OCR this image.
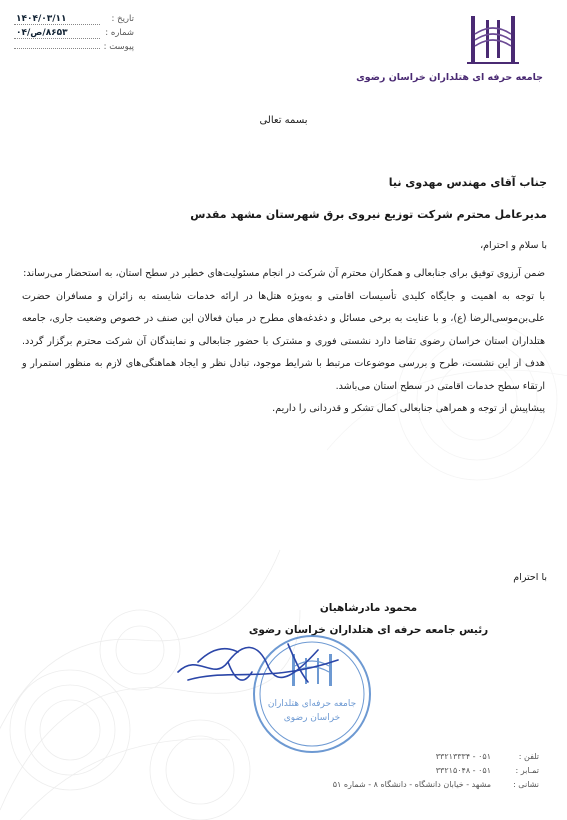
جامعه حرفه ای هتلداران خراسان رضوی
تاریخ :
۱۴۰۴/۰۳/۱۱
شماره :
۸۶۵۳/ص/۰۴
پیوست :
بسمه تعالی
جناب آقای مهندس مهدوی نیا
مدیرعامل محترم شرکت توزیع نیروی برق شهرستان مشهد مقدس
با سلام و احترام،

ضمن آرزوی توفیق برای جنابعالی و همکاران محترم آن شرکت در انجام مسئولیت‌های خطیر در سطح استان، به استحضار می‌رساند:

با توجه به اهمیت و جایگاه کلیدی تأسیسات اقامتی و به‌ویژه هتل‌ها در ارائه خدمات شایسته به زائران و مسافران حضرت علی‌بن‌موسی‌الرضا (ع)، و با عنایت به برخی مسائل و دغدغه‌های مطرح در میان فعالان این صنف در خصوص وضعیت جاری، جامعه هتلداران استان خراسان رضوی تقاضا دارد نشستی فوری و مشترک با حضور جنابعالی و نمایندگان آن شرکت محترم برگزار گردد. هدف از این نشست، طرح و بررسی موضوعات مرتبط با شرایط موجود، تبادل نظر و ایجاد هماهنگی‌های لازم به منظور استمرار و ارتقاء سطح خدمات اقامتی در سطح استان می‌باشد.

پیشاپیش از توجه و همراهی جنابعالی کمال تشکر و قدردانی را داریم.

با احترام
محمود مادرشاهیان
رئیس جامعه حرفه ای هتلداران خراسان رضوی
جامعه حرفه‌ای هتلداران
خراسان رضوی
تلفن :
۰۵۱ - ۳۳۲۱۳۳۳۴
تمـابر :
۰۵۱ - ۳۳۲۱۵۰۴۸
نشانی :
مشهد - خیابان دانشگاه - دانشگاه ۸ - شماره ۵۱
